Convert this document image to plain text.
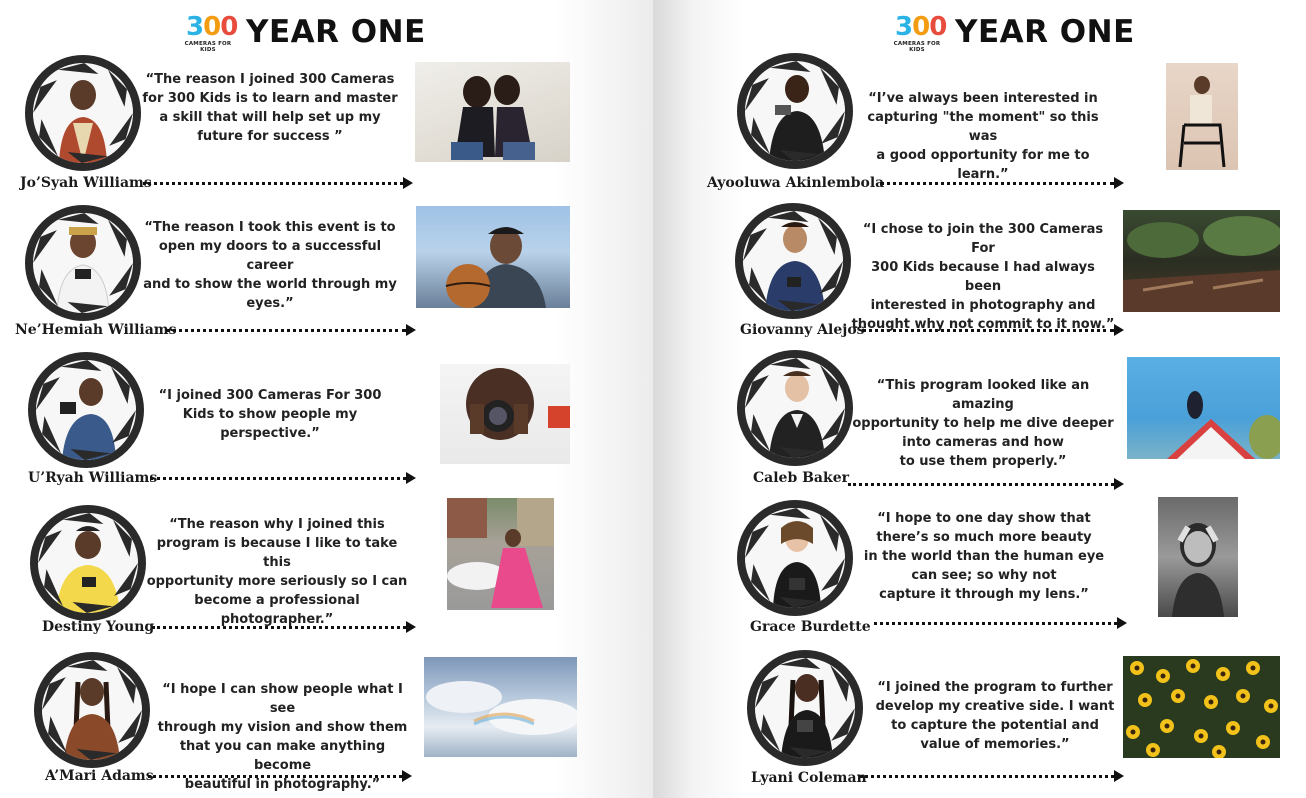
300
CAMERAS FOR KIDS YEAR ONE
Jo’Syah Williams
“The reason I joined 300 Cameras
for 300 Kids is to learn and master
a skill that will help set up my
future for success ”
Ne’Hemiah Williams
“The reason I took this event is to
open my doors to a successful career
and to show the world through my
eyes.”
U’Ryah Williams
“I joined 300 Cameras For 300
Kids to show people my
perspective.”
Destiny Young
“The reason why I joined this
program is because I like to take this
opportunity more seriously so I can
become a professional photographer.”
A’Mari Adams
“I hope I can show people what I see
through my vision and show them
that you can make anything become
beautiful in photography.”
300
CAMERAS FOR KIDS YEAR ONE
Ayooluwa Akinlembola
“I’ve always been interested in
capturing "the moment" so this was
a good opportunity for me to learn.”
Giovanny Alejos
“I chose to join the 300 Cameras For
300 Kids because I had always been
interested in photography and
thought why not commit to it now.”
Caleb Baker
“This program looked like an amazing
opportunity to help me dive deeper
into cameras and how
to use them properly.”
Grace Burdette
“I hope to one day show that
there’s so much more beauty
in the world than the human eye
can see; so why not
capture it through my lens.”
Lyani Coleman
“I joined the program to further
develop my creative side. I want
to capture the potential and
value of memories.”
